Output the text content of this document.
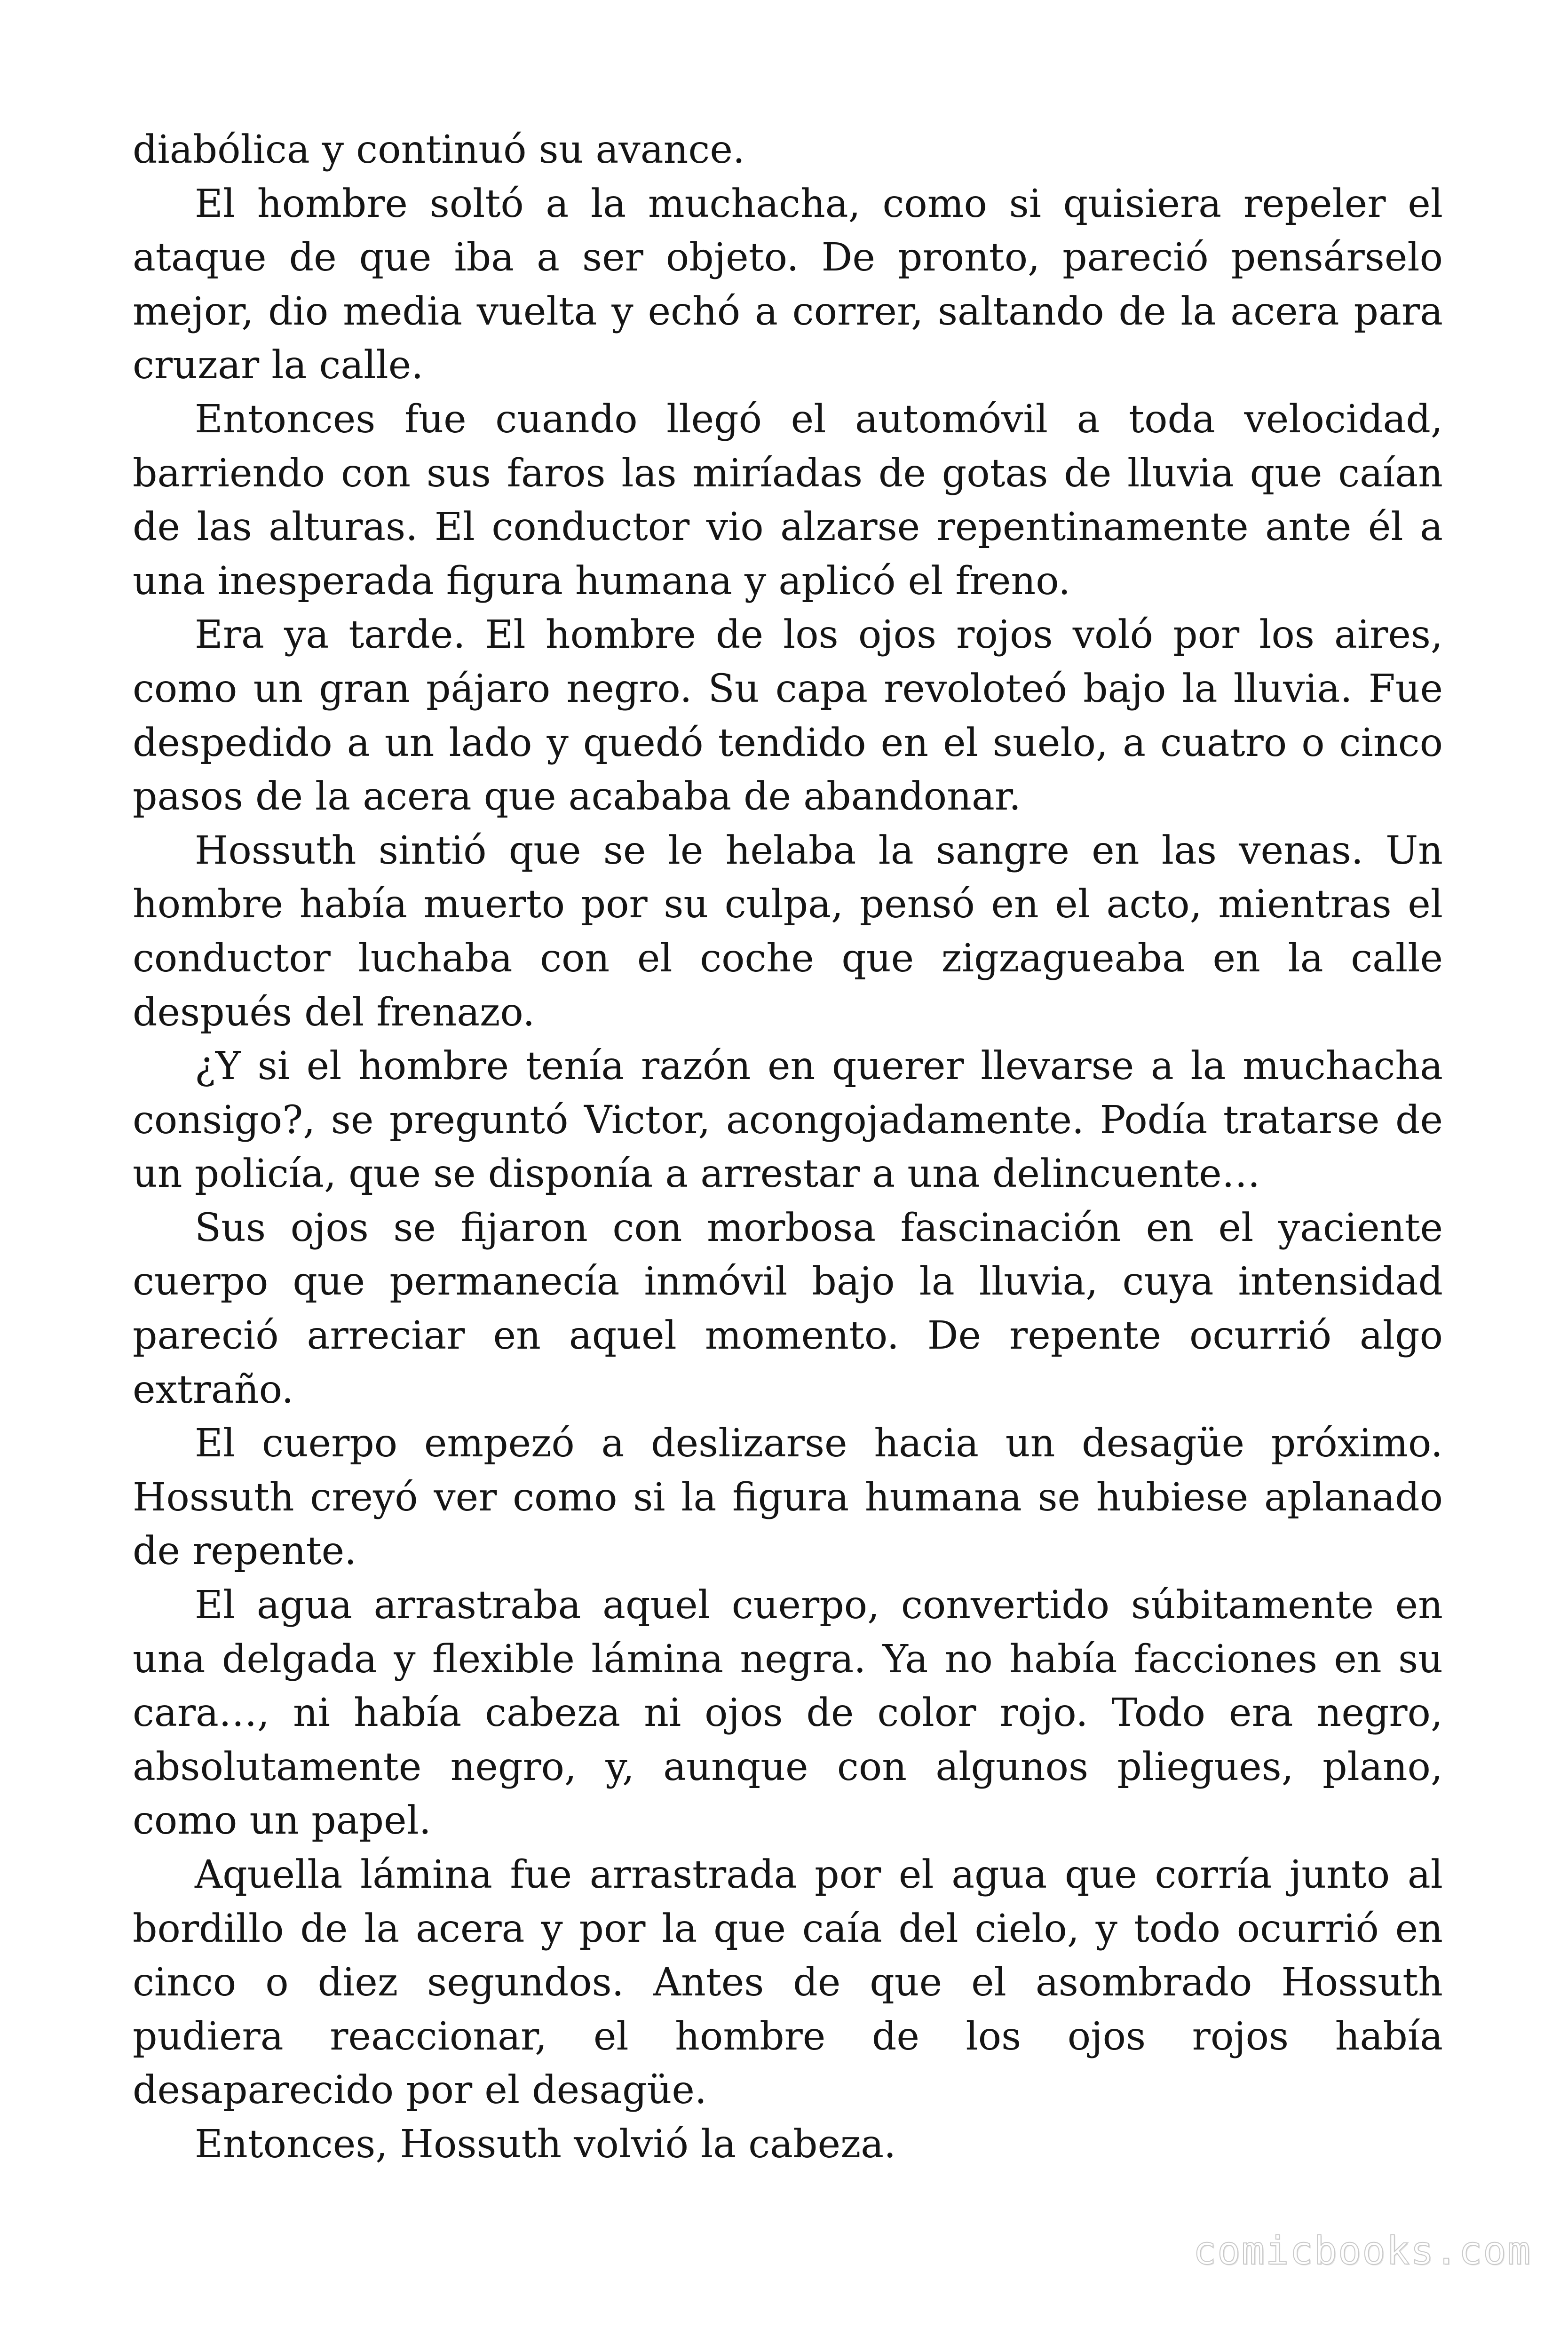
diabólica y continuó su avance.

El hombre soltó a la muchacha, como si quisiera repeler el ataque de que iba a ser objeto. De pronto, pareció pensárselo mejor, dio media vuelta y echó a correr, saltando de la acera para cruzar la calle.

Entonces fue cuando llegó el automóvil a toda velocidad, barriendo con sus faros las miríadas de gotas de lluvia que caían de las alturas. El conductor vio alzarse repentinamente ante él a una inesperada figura humana y aplicó el freno.

Era ya tarde. El hombre de los ojos rojos voló por los aires, como un gran pájaro negro. Su capa revoloteó bajo la lluvia. Fue despedido a un lado y quedó tendido en el suelo, a cuatro o cinco pasos de la acera que acababa de abandonar.

Hossuth sintió que se le helaba la sangre en las venas. Un hombre había muerto por su culpa, pensó en el acto, mientras el conductor luchaba con el coche que zigzagueaba en la calle después del frenazo.

¿Y si el hombre tenía razón en querer llevarse a la muchacha consigo?, se preguntó Victor, acongojadamente. Podía tratarse de un policía, que se disponía a arrestar a una delincuente…

Sus ojos se fijaron con morbosa fascinación en el yaciente cuerpo que permanecía inmóvil bajo la lluvia, cuya intensidad pareció arreciar en aquel momento. De repente ocurrió algo extraño.

El cuerpo empezó a deslizarse hacia un desagüe próximo. Hossuth creyó ver como si la figura humana se hubiese aplanado de repente.

El agua arrastraba aquel cuerpo, convertido súbitamente en una delgada y flexible lámina negra. Ya no había facciones en su cara…, ni había cabeza ni ojos de color rojo. Todo era negro, absolutamente negro, y, aunque con algunos pliegues, plano, como un papel.

Aquella lámina fue arrastrada por el agua que corría junto al bordillo de la acera y por la que caía del cielo, y todo ocurrió en cinco o diez segundos. Antes de que el asombrado Hossuth pudiera reaccionar, el hombre de los ojos rojos había desaparecido por el desagüe.

Entonces, Hossuth volvió la cabeza.

comicbooks.com
